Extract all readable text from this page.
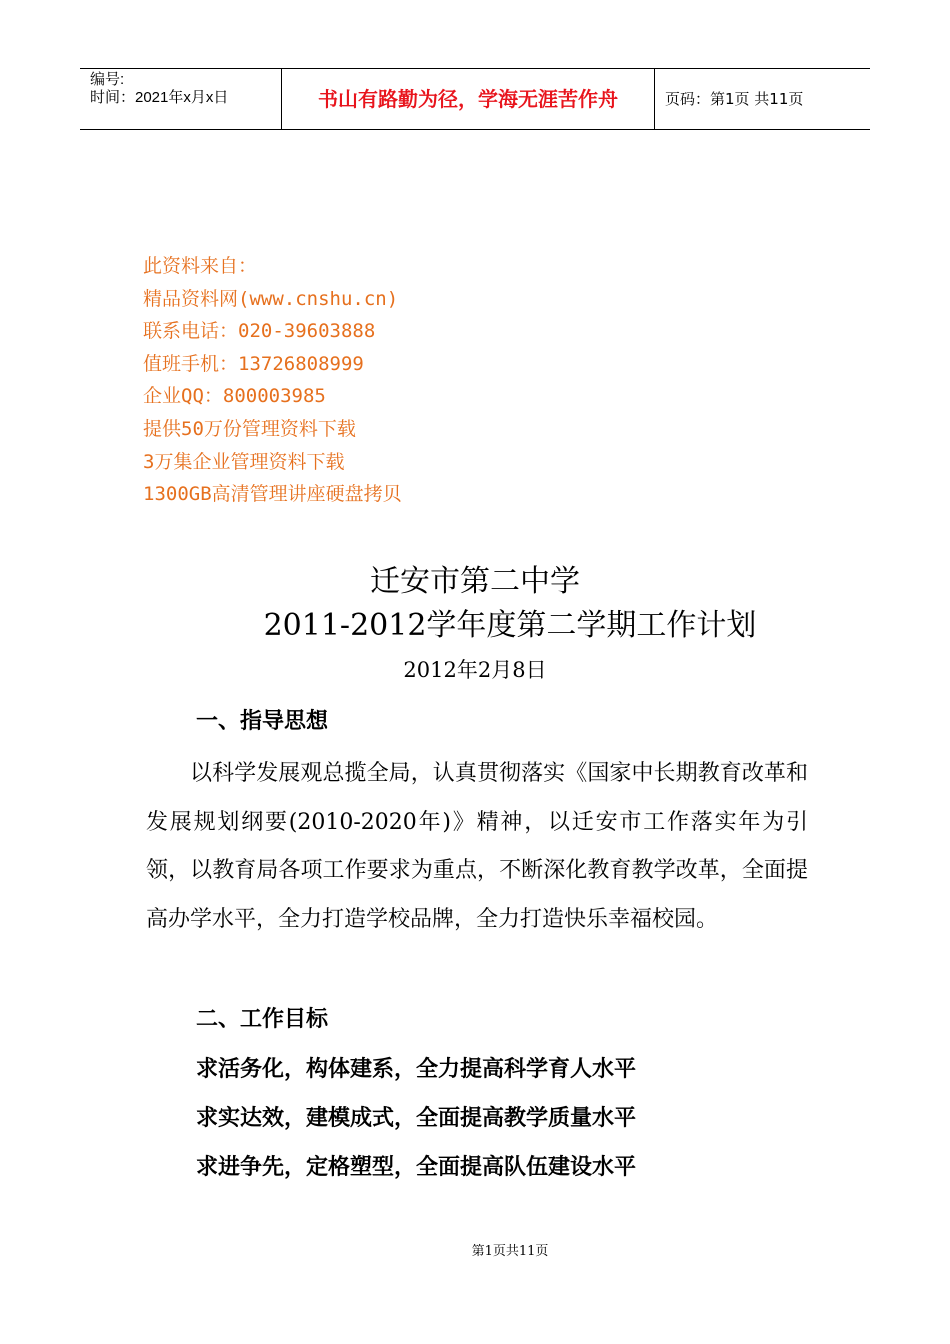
编号:
时间：2021年x月x日	书山有路勤为径，学海无涯苦作舟	页码：第1页 共11页
此资料来自：
精品资料网(www.cnshu.cn)
联系电话：020-39603888
值班手机：13726808999
企业QQ：800003985
提供50万份管理资料下载
3万集企业管理资料下载
1300GB高清管理讲座硬盘拷贝
迁安市第二中学
2011-2012学年度第二学期工作计划
2012年2月8日
一、指导思想

以科学发展观总揽全局，认真贯彻落实《国家中长期教育改革和发展规划纲要(2010-2020年)》精神，以迁安市工作落实年为引领，以教育局各项工作要求为重点，不断深化教育教学改革，全面提高办学水平，全力打造学校品牌，全力打造快乐幸福校园。

二、工作目标
求活务化，构体建系，全力提高科学育人水平
求实达效，建模成式，全面提高教学质量水平
求进争先，定格塑型，全面提高队伍建设水平
第1页共11页
